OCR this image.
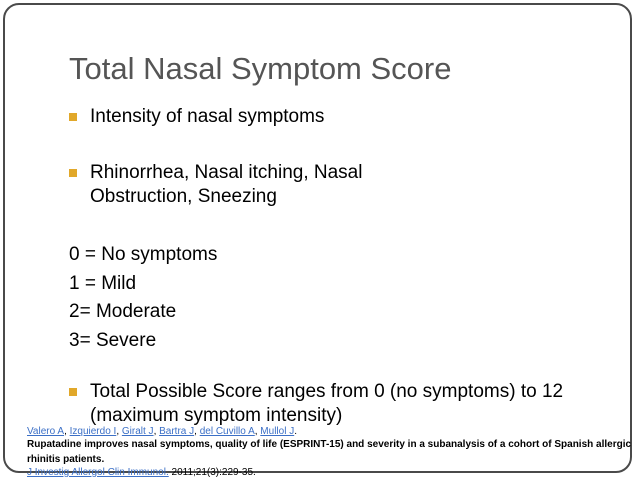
Total Nasal Symptom Score
Intensity of nasal symptoms
Rhinorrhea, Nasal itching, Nasal Obstruction, Sneezing
0 = No symptoms
1 = Mild
2= Moderate
3= Severe
Total Possible Score ranges from 0 (no symptoms) to 12 (maximum symptom intensity)
Valero A, Izquierdo I, Giralt J, Bartra J, del Cuvillo A, Mullol J.
Rupatadine improves nasal symptoms, quality of life (ESPRINT-15) and severity in a subanalysis of a cohort of Spanish allergic rhinitis patients.
J Investig Allergol Clin Immunol. 2011;21(3):229-35.
